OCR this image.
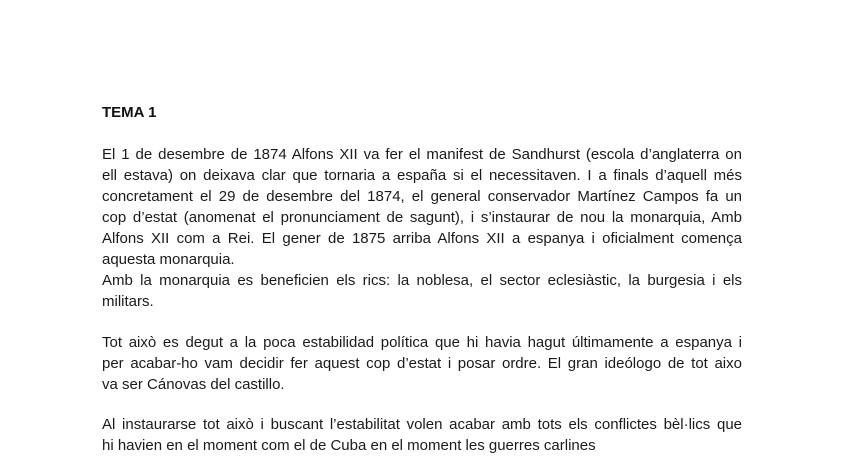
TEMA 1
El 1 de desembre de 1874 Alfons XII va fer el manifest de Sandhurst (escola d’anglaterra on
ell estava) on deixava clar que tornaria a españa si el necessitaven. I a finals d’aquell més
concretament el 29 de desembre del 1874, el general conservador Martínez Campos fa un
cop d’estat (anomenat el pronunciament de sagunt), i s’instaurar de nou la monarquia, Amb
Alfons XII com a Rei. El gener de 1875 arriba Alfons XII a espanya i oficialment comença
aquesta monarquia.
Amb la monarquia es beneficien els rics: la noblesa, el sector eclesiàstic, la burgesia i els
militars.
Tot això es degut a la poca estabilidad política que hi havia hagut últimamente a espanya i
per acabar-ho vam decidir fer aquest cop d’estat i posar ordre. El gran ideólogo de tot aixo
va ser Cánovas del castillo.
Al instaurarse tot això i buscant l’estabilitat volen acabar amb tots els conflictes bèl·lics que
hi havien en el moment com el de Cuba en el moment les guerres carlines
